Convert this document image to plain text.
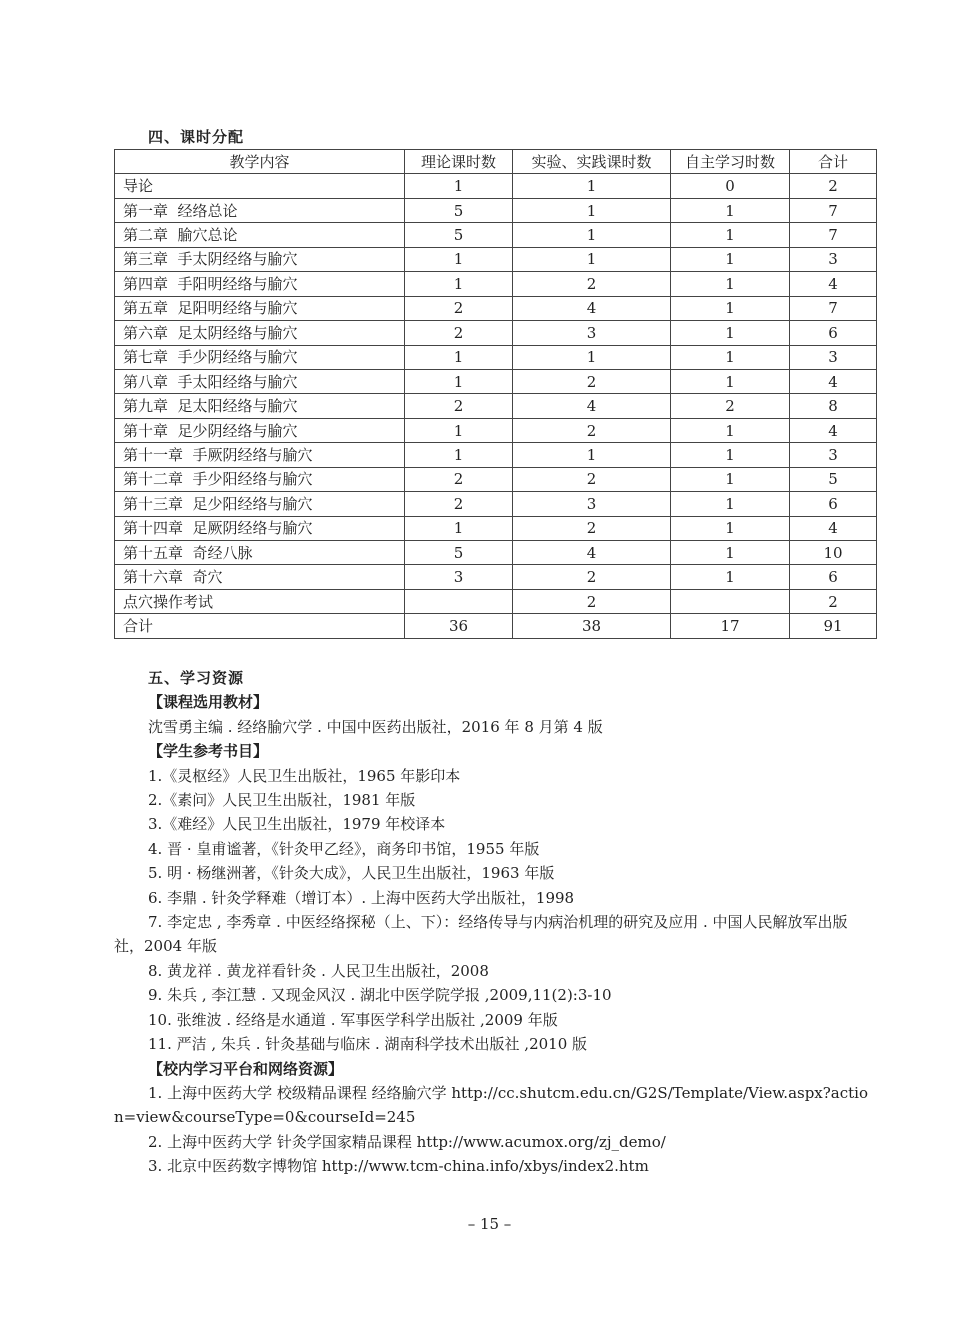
四、课时分配
教学内容	理论课时数	实验、实践课时数	自主学习时数	合计
导论	1	1	0	2
第一章  经络总论	5	1	1	7
第二章  腧穴总论	5	1	1	7
第三章  手太阴经络与腧穴	1	1	1	3
第四章  手阳明经络与腧穴	1	2	1	4
第五章  足阳明经络与腧穴	2	4	1	7
第六章  足太阴经络与腧穴	2	3	1	6
第七章  手少阴经络与腧穴	1	1	1	3
第八章  手太阳经络与腧穴	1	2	1	4
第九章  足太阳经络与腧穴	2	4	2	8
第十章  足少阴经络与腧穴	1	2	1	4
第十一章  手厥阴经络与腧穴	1	1	1	3
第十二章  手少阳经络与腧穴	2	2	1	5
第十三章  足少阳经络与腧穴	2	3	1	6
第十四章  足厥阴经络与腧穴	1	2	1	4
第十五章  奇经八脉	5	4	1	10
第十六章  奇穴	3	2	1	6
点穴操作考试		2		2
合计	36	38	17	91
五、学习资源
【课程选用教材】
沈雪勇主编 . 经络腧穴学 . 中国中医药出版社，2016 年 8 月第 4 版
【学生参考书目】

1.《灵枢经》人民卫生出版社，1965 年影印本

2.《素问》人民卫生出版社，1981 年版

3.《难经》人民卫生出版社，1979 年校译本

4. 晋 · 皇甫谧著，《针灸甲乙经》，商务印书馆，1955 年版

5. 明 · 杨继洲著，《针灸大成》，人民卫生出版社，1963 年版

6. 李鼎 . 针灸学释难（增订本）. 上海中医药大学出版社，1998

7. 李定忠 , 李秀章 . 中医经络探秘（上、下）：经络传导与内病治机理的研究及应用 . 中国人民解放军出版社，2004 年版

8. 黄龙祥 . 黄龙祥看针灸 . 人民卫生出版社，2008

9. 朱兵 , 李江慧 . 又现金风汉 . 湖北中医学院学报 ,2009,11(2):3-10

10. 张维波 . 经络是水通道 . 军事医学科学出版社 ,2009 年版

11. 严洁 , 朱兵 . 针灸基础与临床 . 湖南科学技术出版社 ,2010 版

【校内学习平台和网络资源】

1. 上海中医药大学 校级精品课程 经络腧穴学 http://cc.shutcm.edu.cn/G2S/Template/View.aspx?action=view&courseType=0&courseId=245

2. 上海中医药大学 针灸学国家精品课程 http://www.acumox.org/zj_demo/

3. 北京中医药数字博物馆 http://www.tcm-china.info/xbys/index2.htm

– 15 –
